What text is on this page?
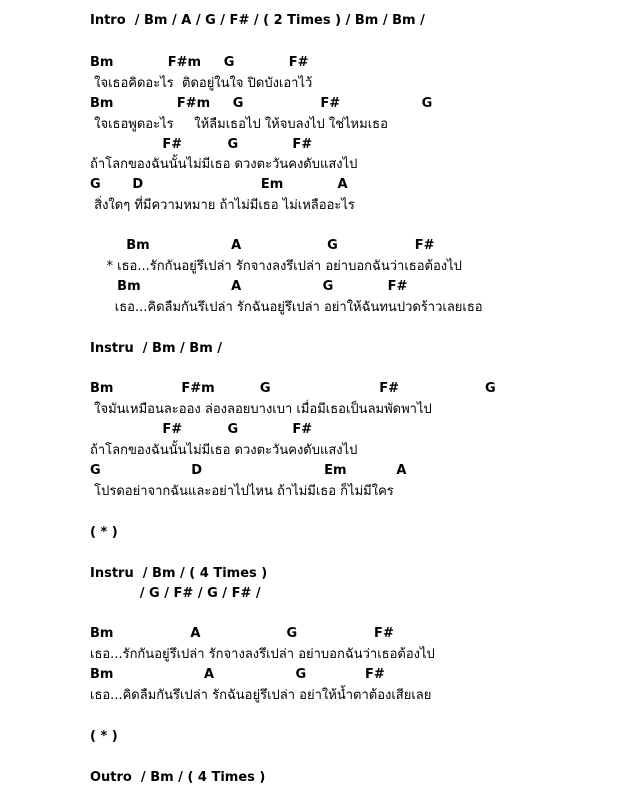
Intro  / Bm / A / G / F# / ( 2 Times ) / Bm / Bm /
Bm            F#m     G            F#
ใจเธอคิดอะไร  ติดอยู่ในใจ ปิดบังเอาไว้
Bm              F#m     G                 F#                  G
ใจเธอพูดอะไร     ให้ลืมเธอไป ให้จบลงไป ใช่ไหมเธอ
F#          G            F#
ถ้าโลกของฉันนั้นไม่มีเธอ ดวงตะวันคงดับแสงไป
G       D                          Em            A
สิ่งใดๆ ที่มีความหมาย ถ้าไม่มีเธอ ไม่เหลืออะไร
Bm                  A                   G                 F#
* เธอ...รักกันอยู่รึเปล่า รักจางลงรึเปล่า อย่าบอกฉันว่าเธอต้องไป
Bm                    A                  G            F#
เธอ...คิดลืมกันรึเปล่า รักฉันอยู่รึเปล่า อย่าให้ฉันทนปวดร้าวเลยเธอ
Instru  / Bm / Bm /
Bm               F#m          G                        F#                   G
ใจมันเหมือนละออง ล่องลอยบางเบา เมื่อมีเธอเป็นลมพัดพาไป
F#          G            F#
ถ้าโลกของฉันนั้นไม่มีเธอ ดวงตะวันคงดับแสงไป
G                    D                           Em           A
โปรดอย่าจากฉันและอย่าไปไหน ถ้าไม่มีเธอ ก็ไม่มีใคร
( * )
Instru  / Bm / ( 4 Times )
/ G / F# / G / F# /
Bm                 A                   G                 F#
เธอ...รักกันอยู่รึเปล่า รักจางลงรึเปล่า อย่าบอกฉันว่าเธอต้องไป
Bm                    A                  G             F#
เธอ...คิดลืมกันรึเปล่า รักฉันอยู่รึเปล่า อย่าให้น้ำตาต้องเสียเลย
( * )
Outro  / Bm / ( 4 Times )
